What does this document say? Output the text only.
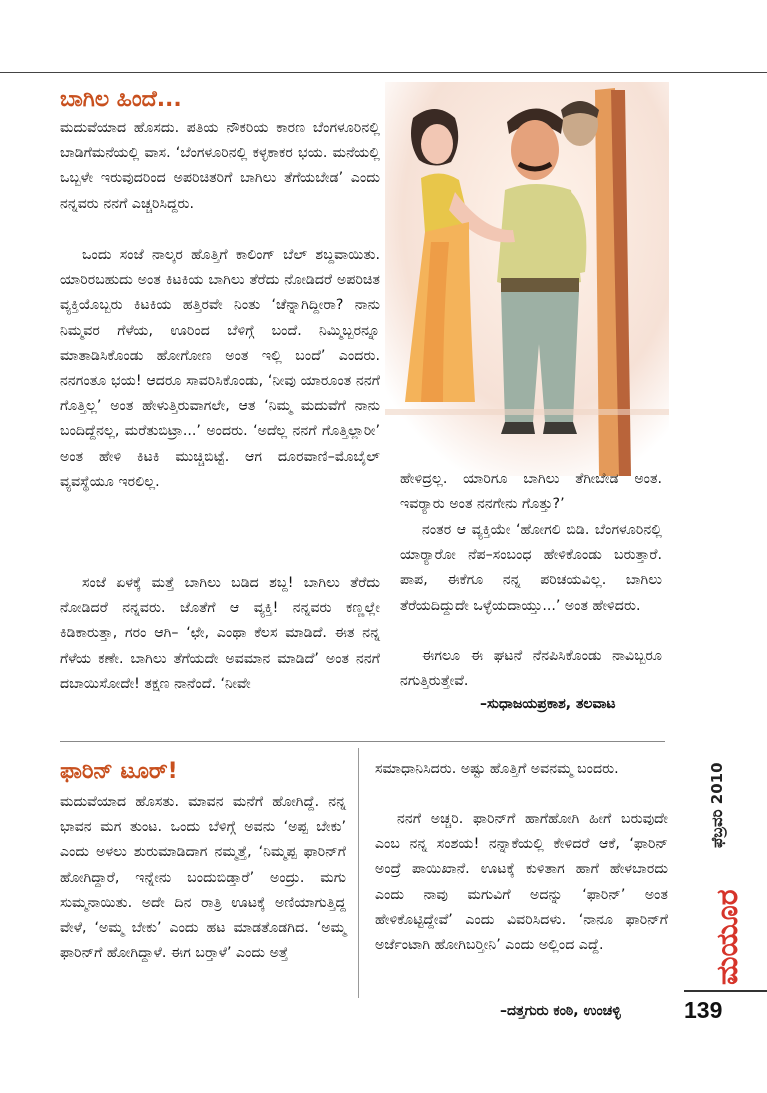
ಬಾಗಿಲ ಹಿಂದೆ...

ಮದುವೆಯಾದ ಹೊಸದು. ಪತಿಯ ನೌಕರಿಯ ಕಾರಣ ಬೆಂಗಳೂರಿನಲ್ಲಿ ಬಾಡಿಗೆಮನೆಯಲ್ಲಿ ವಾಸ. ‘ಬೆಂಗಳೂರಿನಲ್ಲಿ ಕಳ್ಳಕಾಕರ ಭಯ. ಮನೆಯಲ್ಲಿ ಒಬ್ಬಳೇ ಇರುವುದರಿಂದ ಅಪರಿಚಿತರಿಗೆ ಬಾಗಿಲು ತೆಗೆಯಬೇಡ’ ಎಂದು ನನ್ನವರು ನನಗೆ ಎಚ್ಚರಿಸಿದ್ದರು.

ಒಂದು ಸಂಜೆ ನಾಲ್ಕರ ಹೊತ್ತಿಗೆ ಕಾಲಿಂಗ್ ಬೆಲ್ ಶಬ್ದವಾಯಿತು. ಯಾರಿರಬಹುದು ಅಂತ ಕಿಟಕಿಯ ಬಾಗಿಲು ತೆರೆದು ನೋಡಿದರೆ ಅಪರಿಚಿತ ವ್ಯಕ್ತಿಯೊಬ್ಬರು ಕಿಟಕಿಯ ಹತ್ತಿರವೇ ನಿಂತು ‘ಚೆನ್ನಾಗಿದ್ದೀರಾ? ನಾನು ನಿಮ್ಮವರ ಗೆಳೆಯ, ಊರಿಂದ ಬೆಳಿಗ್ಗೆ ಬಂದೆ. ನಿಮ್ಮಿಬ್ಬರನ್ನೂ ಮಾತಾಡಿಸಿಕೊಂಡು ಹೋಗೋಣ ಅಂತ ಇಲ್ಲಿ ಬಂದೆ’ ಎಂದರು. ನನಗಂತೂ ಭಯ! ಆದರೂ ಸಾವರಿಸಿಕೊಂಡು, ‘ನೀವು ಯಾರೂಂತ ನನಗೆ ಗೊತ್ತಿಲ್ಲ’ ಅಂತ ಹೇಳುತ್ತಿರುವಾಗಲೇ, ಆತ ‘ನಿಮ್ಮ ಮದುವೆಗೆ ನಾನು ಬಂದಿದ್ದೆನಲ್ಲ, ಮರೆತುಬಿಟ್ರಾ...’ ಅಂದರು. ‘ಅದೆಲ್ಲ ನನಗೆ ಗೊತ್ತಿಲ್ಲಾರೀ’ ಅಂತ ಹೇಳಿ ಕಿಟಕಿ ಮುಚ್ಚಿಬಿಟ್ಟೆ. ಆಗ ದೂರವಾಣಿ–ಮೊಬೈಲ್ ವ್ಯವಸ್ಥೆಯೂ ಇರಲಿಲ್ಲ.

ಸಂಜೆ ಏಳಕ್ಕೆ ಮತ್ತೆ ಬಾಗಿಲು ಬಡಿದ ಶಬ್ದ! ಬಾಗಿಲು ತೆರೆದು ನೋಡಿದರೆ ನನ್ನವರು. ಜೊತೆಗೆ ಆ ವ್ಯಕ್ತಿ! ನನ್ನವರು ಕಣ್ಣಲ್ಲೇ ಕಿಡಿಕಾರುತ್ತಾ, ಗರಂ ಆಗಿ– ‘ಛೇ, ಎಂಥಾ ಕೆಲಸ ಮಾಡಿದೆ. ಈತ ನನ್ನ ಗೆಳೆಯ ಕಣೇ. ಬಾಗಿಲು ತೆಗೆಯದೇ ಅವಮಾನ ಮಾಡಿದೆ’ ಅಂತ ನನಗೆ ದಬಾಯಿಸೋದೇ! ತಕ್ಷಣ ನಾನೆಂದೆ. ‘ನೀವೇ

ಹೇಳಿದ್ರಲ್ಲ. ಯಾರಿಗೂ ಬಾಗಿಲು ತೆಗೀಬೇಡ ಅಂತ. ಇವರ್‍ಯಾರು ಅಂತ ನನಗೇನು ಗೊತ್ತು?’

ನಂತರ ಆ ವ್ಯಕ್ತಿಯೇ ‘ಹೋಗಲಿ ಬಿಡಿ. ಬೆಂಗಳೂರಿನಲ್ಲಿ ಯಾರ್‍ಯಾರೋ ನೆಪ–ಸಂಬಂಧ ಹೇಳಿಕೊಂಡು ಬರುತ್ತಾರೆ. ಪಾಪ, ಈಕೆಗೂ ನನ್ನ ಪರಿಚಯವಿಲ್ಲ. ಬಾಗಿಲು ತೆರೆಯದಿದ್ದುದೇ ಒಳ್ಳೆಯದಾಯ್ತು...’ ಅಂತ ಹೇಳಿದರು.

ಈಗಲೂ ಈ ಘಟನೆ ನೆನಪಿಸಿಕೊಂಡು ನಾವಿಬ್ಬರೂ ನಗುತ್ತಿರುತ್ತೇವೆ.

–ಸುಧಾಜಯಪ್ರಕಾಶ, ತಲವಾಟ

ಫಾರಿನ್ ಟೂರ್!

ಮದುವೆಯಾದ ಹೊಸತು. ಮಾವನ ಮನೆಗೆ ಹೋಗಿದ್ದೆ. ನನ್ನ ಭಾವನ ಮಗ ತುಂಟ. ಒಂದು ಬೆಳಿಗ್ಗೆ ಅವನು ‘ಅಪ್ಪ ಬೇಕು’ ಎಂದು ಅಳಲು ಶುರುಮಾಡಿದಾಗ ನಮ್ಮತ್ತೆ, ‘ನಿಮ್ಮಪ್ಪ ಫಾರಿನ್‌ಗೆ ಹೋಗಿದ್ದಾರೆ, ಇನ್ನೇನು ಬಂದುಬಿಡ್ತಾರೆ’ ಅಂದ್ರು. ಮಗು ಸುಮ್ಮನಾಯಿತು. ಅದೇ ದಿನ ರಾತ್ರಿ ಊಟಕ್ಕೆ ಅಣಿಯಾಗುತ್ತಿದ್ದ ವೇಳೆ, ‘ಅಮ್ಮ ಬೇಕು’ ಎಂದು ಹಟ ಮಾಡತೊಡಗಿದ. ‘ಅಮ್ಮ ಫಾರಿನ್‌ಗೆ ಹೋಗಿದ್ದಾಳೆ. ಈಗ ಬರ್‍ತಾಳೆ’ ಎಂದು ಅತ್ತೆ

ಸಮಾಧಾನಿಸಿದರು. ಅಷ್ಟು ಹೊತ್ತಿಗೆ ಅವನಮ್ಮ ಬಂದರು.

ನನಗೆ ಅಚ್ಚರಿ. ಫಾರಿನ್‌ಗೆ ಹಾಗೆಹೋಗಿ ಹೀಗೆ ಬರುವುದೇ ಎಂಬ ನನ್ನ ಸಂಶಯ! ನನ್ನಾಕೆಯಲ್ಲಿ ಕೇಳಿದರೆ ಆಕೆ, ‘ಫಾರಿನ್ ಅಂದ್ರೆ ಪಾಯಿಖಾನೆ. ಊಟಕ್ಕೆ ಕುಳಿತಾಗ ಹಾಗೆ ಹೇಳಬಾರದು ಎಂದು ನಾವು ಮಗುವಿಗೆ ಅದನ್ನು ‘ಫಾರಿನ್’ ಅಂತ ಹೇಳಿಕೊಟ್ಟಿದ್ದೇವೆ’ ಎಂದು ವಿವರಿಸಿದಳು. ‘ನಾನೂ ಫಾರಿನ್‌ಗೆ ಅರ್ಜೆಂಟಾಗಿ ಹೋಗಿಬರ್‍ತೀನಿ’ ಎಂದು ಅಲ್ಲಿಂದ ಎದ್ದೆ.

–ದತ್ತಗುರು ಕಂಠಿ, ಉಂಚಳ್ಳಿ

ಫೆಬ್ರವರಿ 2010
ಮಯೂರ
139
